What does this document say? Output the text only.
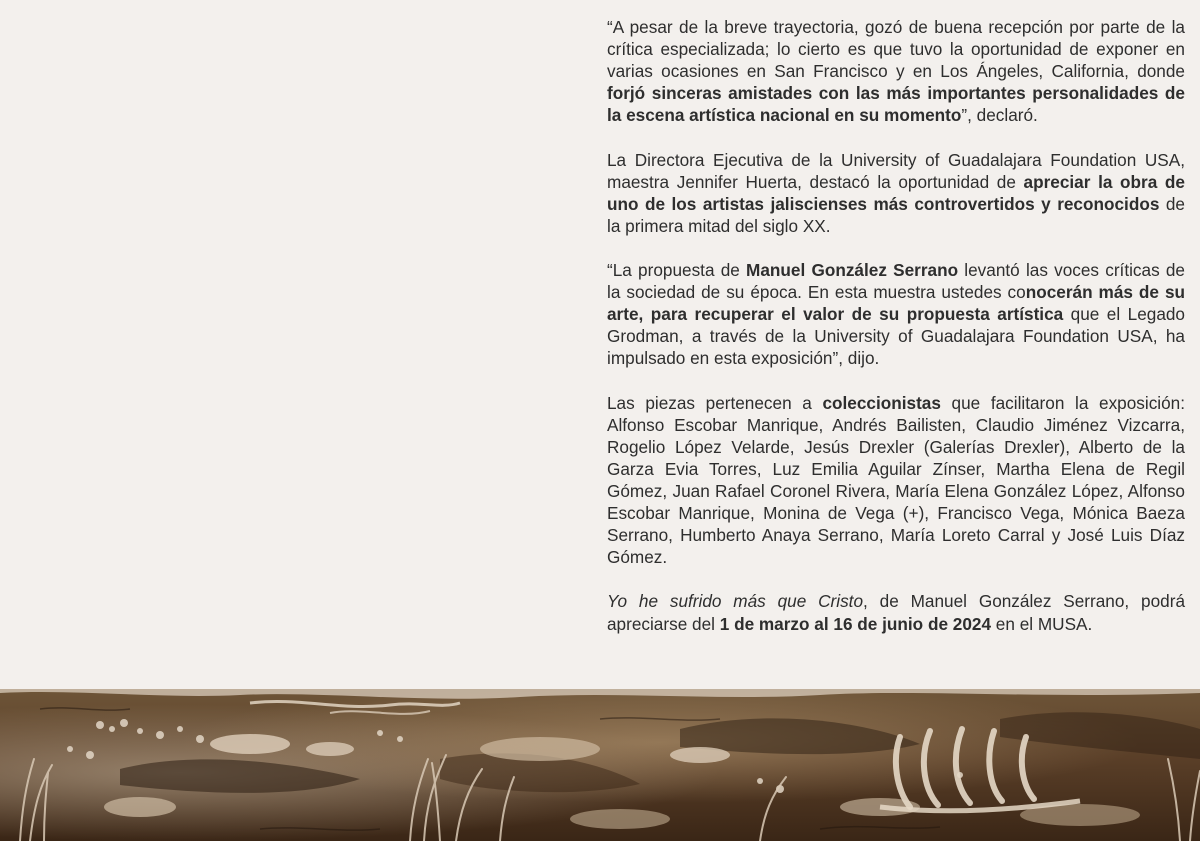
“A pesar de la breve trayectoria, gozó de buena recepción por parte de la crítica especializada; lo cierto es que tuvo la oportunidad de exponer en varias ocasiones en San Francisco y en Los Ángeles, California, donde forjó sinceras amistades con las más importantes personalidades de la escena artística nacional en su momento”, declaró.

La Directora Ejecutiva de la University of Guadalajara Foundation USA, maestra Jennifer Huerta, destacó la oportunidad de apreciar la obra de uno de los artistas jaliscienses más controvertidos y reconocidos de la primera mitad del siglo XX.

“La propuesta de Manuel González Serrano levantó las voces críticas de la sociedad de su época. En esta muestra ustedes conocerán más de su arte, para recuperar el valor de su propuesta artística que el Legado Grodman, a través de la University of Guadalajara Foundation USA, ha impulsado en esta exposición”, dijo.

Las piezas pertenecen a coleccionistas que facilitaron la exposición: Alfonso Escobar Manrique, Andrés Bailisten, Claudio Jiménez Vizcarra, Rogelio López Velarde, Jesús Drexler (Galerías Drexler), Alberto de la Garza Evia Torres, Luz Emilia Aguilar Zínser, Martha Elena de Regil Gómez, Juan Rafael Coronel Rivera, María Elena González López, Alfonso Escobar Manrique, Monina de Vega (+), Francisco Vega, Mónica Baeza Serrano, Humberto Anaya Serrano, María Loreto Carral y José Luis Díaz Gómez.

Yo he sufrido más que Cristo, de Manuel González Serrano, podrá apreciarse del 1 de marzo al 16 de junio de 2024 en el MUSA.
